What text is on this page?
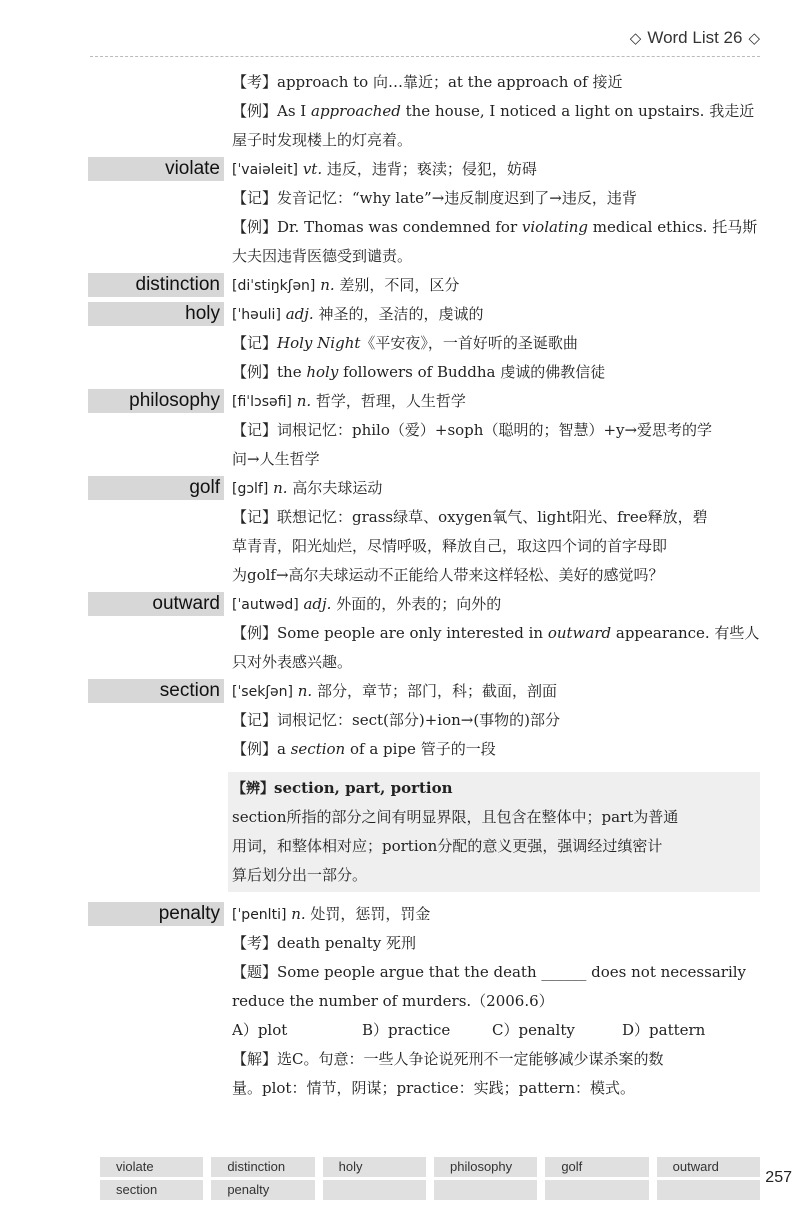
◇ Word List 26 ◇
【考】approach to 向…靠近；at the approach of 接近
【例】As I approached the house, I noticed a light on upstairs. 我走近
屋子时发现楼上的灯亮着。
violate [ˈvaiəleit] vt. 违反，违背；亵渎；侵犯，妨碍
【记】发音记忆：“why late”→违反制度迟到了→违反，违背
【例】Dr. Thomas was condemned for violating medical ethics. 托马斯
大夫因违背医德受到谴责。
distinction [diˈstiŋkʃən] n. 差别，不同，区分
holy [ˈhəuli] adj. 神圣的，圣洁的，虔诚的
【记】Holy Night《平安夜》，一首好听的圣诞歌曲
【例】the holy followers of Buddha 虔诚的佛教信徒
philosophy [fiˈlɔsəfi] n. 哲学，哲理，人生哲学
【记】词根记忆：philo（爱）+soph（聪明的；智慧）+y→爱思考的学
问→人生哲学
golf [gɔlf] n. 高尔夫球运动
【记】联想记忆：grass绿草、oxygen氧气、light阳光、free释放，碧
草青青，阳光灿烂，尽情呼吸，释放自己，取这四个词的首字母即
为golf→高尔夫球运动不正能给人带来这样轻松、美好的感觉吗？
outward [ˈautwəd] adj. 外面的，外表的；向外的
【例】Some people are only interested in outward appearance. 有些人
只对外表感兴趣。
section [ˈsekʃən] n. 部分，章节；部门，科；截面，剖面
【记】词根记忆：sect(部分)+ion→(事物的)部分
【例】a section of a pipe 管子的一段
【辨】section, part, portion
section所指的部分之间有明显界限，且包含在整体中；part为普通
用词，和整体相对应；portion分配的意义更强，强调经过缜密计
算后划分出一部分。
penalty [ˈpenlti] n. 处罚，惩罚，罚金
【考】death penalty 死刑
【题】Some people argue that the death ______ does not necessarily
reduce the number of murders.（2006.6）
A）plot	B）practice	C）penalty	D）pattern
【解】选C。句意：一些人争论说死刑不一定能够减少谋杀案的数
量。plot：情节，阴谋；practice：实践；pattern：模式。
violate	distinction	holy	philosophy	golf	outward
section	penalty
257
